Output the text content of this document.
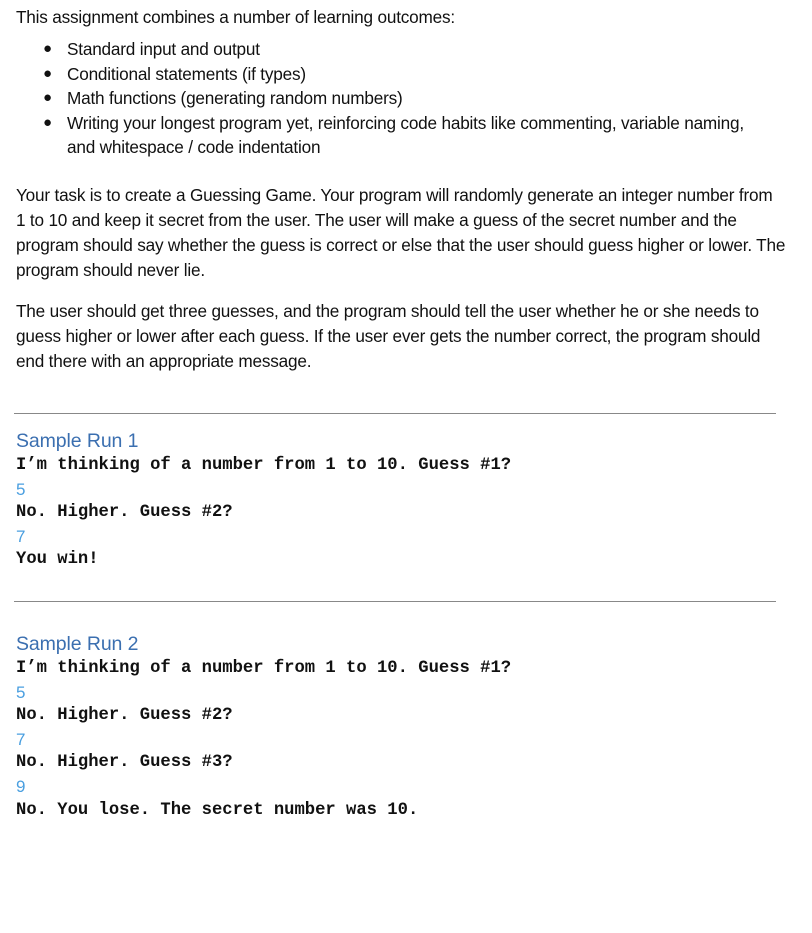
This assignment combines a number of learning outcomes:

● Standard input and output
● Conditional statements (if types)
● Math functions (generating random numbers)
● Writing your longest program yet, reinforcing code habits like commenting, variable naming, and whitespace / code indentation

Your task is to create a Guessing Game. Your program will randomly generate an integer number from 1 to 10 and keep it secret from the user. The user will make a guess of the secret number and the program should say whether the guess is correct or else that the user should guess higher or lower. The program should never lie.

The user should get three guesses, and the program should tell the user whether he or she needs to guess higher or lower after each guess. If the user ever gets the number correct, the program should end there with an appropriate message.

Sample Run 1

I’m thinking of a number from 1 to 10. Guess #1?

5

No. Higher. Guess #2?

7

You win!

Sample Run 2

I’m thinking of a number from 1 to 10. Guess #1?

5

No. Higher. Guess #2?

7

No. Higher. Guess #3?

9

No. You lose. The secret number was 10.
